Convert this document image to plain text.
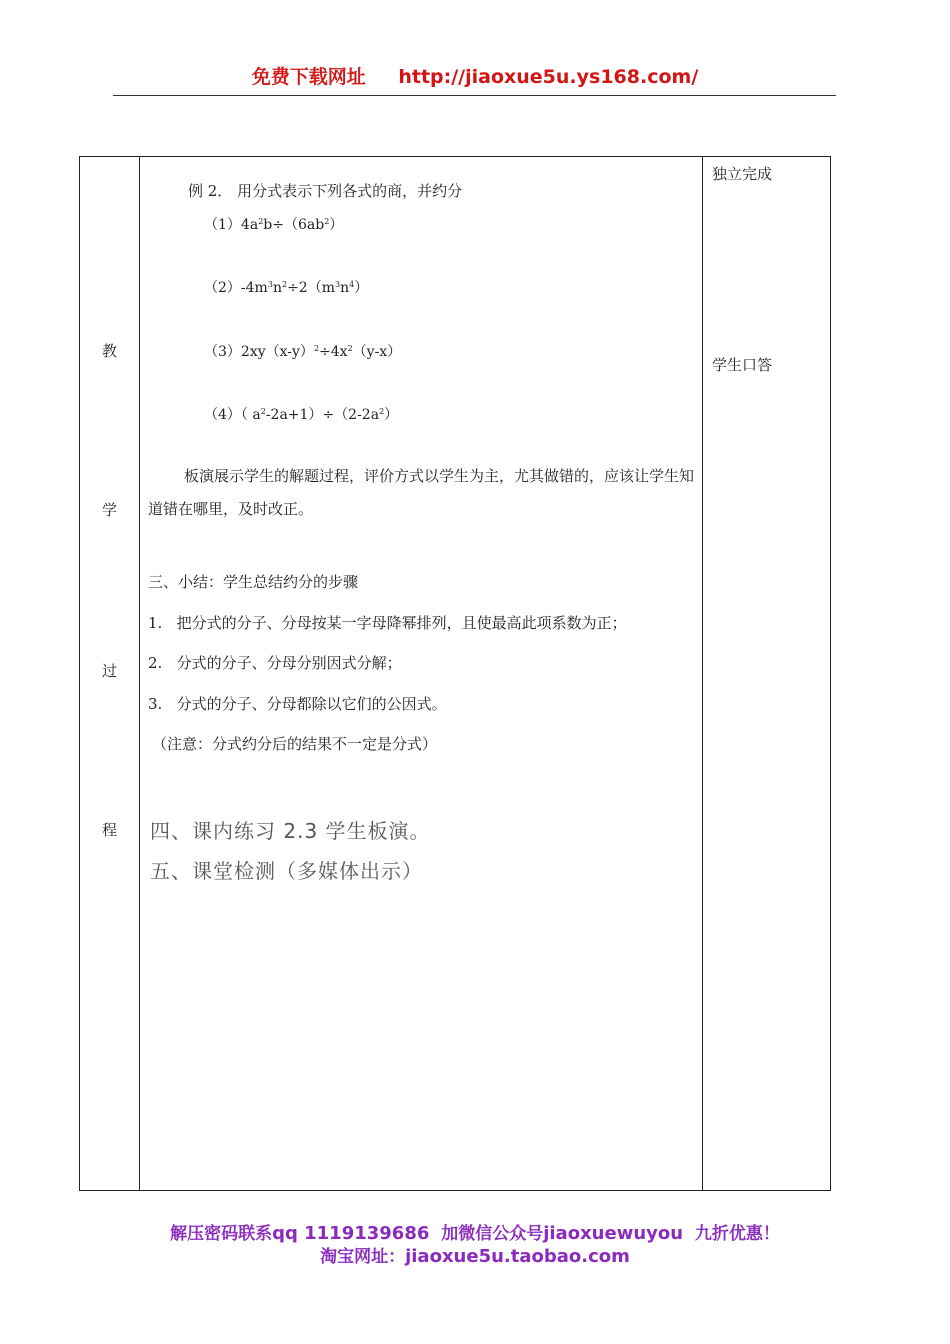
免费下载网址 http://jiaoxue5u.ys168.com/
教
学
过
程
独立完成
学生口答
例 2． 用分式表示下列各式的商，并约分
$(1)4a^2b\div(6ab^2)$
$(2)-4m^3n^2\div 2(m^3n^4)$
$(3)2xy(x-y)^2\div 4x^2(y-x)$
（4）（ $a^2-2a+1)\div(2-2a^2)$
板演展示学生的解题过程，评价方式以学生为主，尤其做错的，应该让学生知道错在哪里，及时改正。
三、小结：学生总结约分的步骤
1. 把分式的分子、分母按某一字母降幂排列，且使最高此项系数为正；
2. 分式的分子、分母分别因式分解；
3. 分式的分子、分母都除以它们的公因式。
（注意：分式约分后的结果不一定是分式）
四、课内练习 2.3 学生板演。
五、课堂检测（多媒体出示）
解压密码联系qq 1119139686 加微信公众号jiaoxuewuyou 九折优惠！
淘宝网址：jiaoxue5u.taobao.com
